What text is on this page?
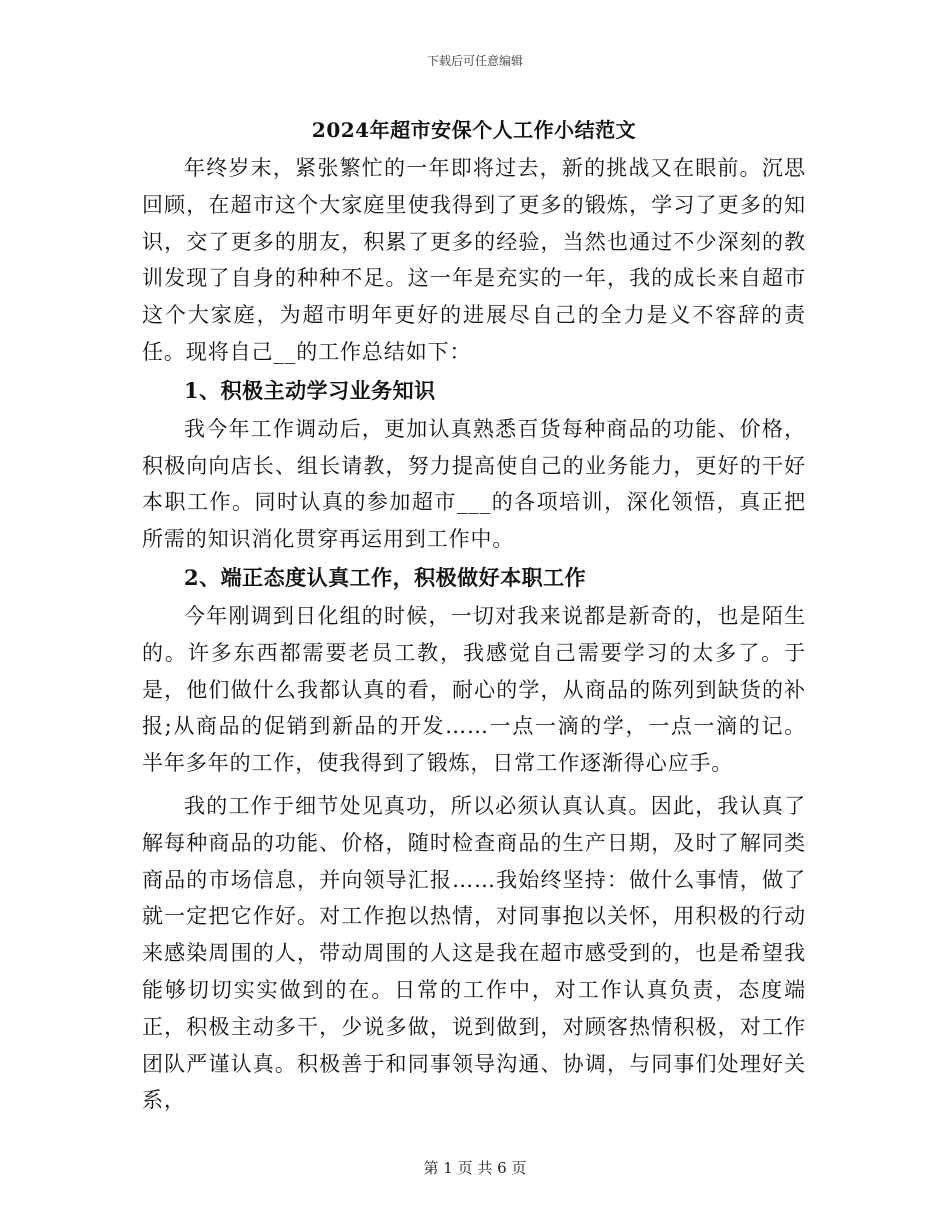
下载后可任意编辑
2024年超市安保个人工作小结范文

年终岁末，紧张繁忙的一年即将过去，新的挑战又在眼前。沉思回顾，在超市这个大家庭里使我得到了更多的锻炼，学习了更多的知识，交了更多的朋友，积累了更多的经验，当然也通过不少深刻的教训发现了自身的种种不足。这一年是充实的一年，我的成长来自超市这个大家庭，为超市明年更好的进展尽自己的全力是义不容辞的责任。现将自己__的工作总结如下：

1、积极主动学习业务知识

我今年工作调动后，更加认真熟悉百货每种商品的功能、价格，积极向向店长、组长请教，努力提高使自己的业务能力，更好的干好本职工作。同时认真的参加超市___的各项培训，深化领悟，真正把所需的知识消化贯穿再运用到工作中。

2、端正态度认真工作，积极做好本职工作

今年刚调到日化组的时候，一切对我来说都是新奇的，也是陌生的。许多东西都需要老员工教，我感觉自己需要学习的太多了。于是，他们做什么我都认真的看，耐心的学，从商品的陈列到缺货的补报;从商品的促销到新品的开发……一点一滴的学，一点一滴的记。半年多年的工作，使我得到了锻炼，日常工作逐渐得心应手。

我的工作于细节处见真功，所以必须认真认真。因此，我认真了解每种商品的功能、价格，随时检查商品的生产日期，及时了解同类商品的市场信息，并向领导汇报……我始终坚持：做什么事情，做了就一定把它作好。对工作抱以热情，对同事抱以关怀，用积极的行动来感染周围的人，带动周围的人这是我在超市感受到的，也是希望我能够切切实实做到的在。日常的工作中，对工作认真负责，态度端正，积极主动多干，少说多做，说到做到，对顾客热情积极，对工作团队严谨认真。积极善于和同事领导沟通、协调，与同事们处理好关系，

第 1 页 共 6 页
